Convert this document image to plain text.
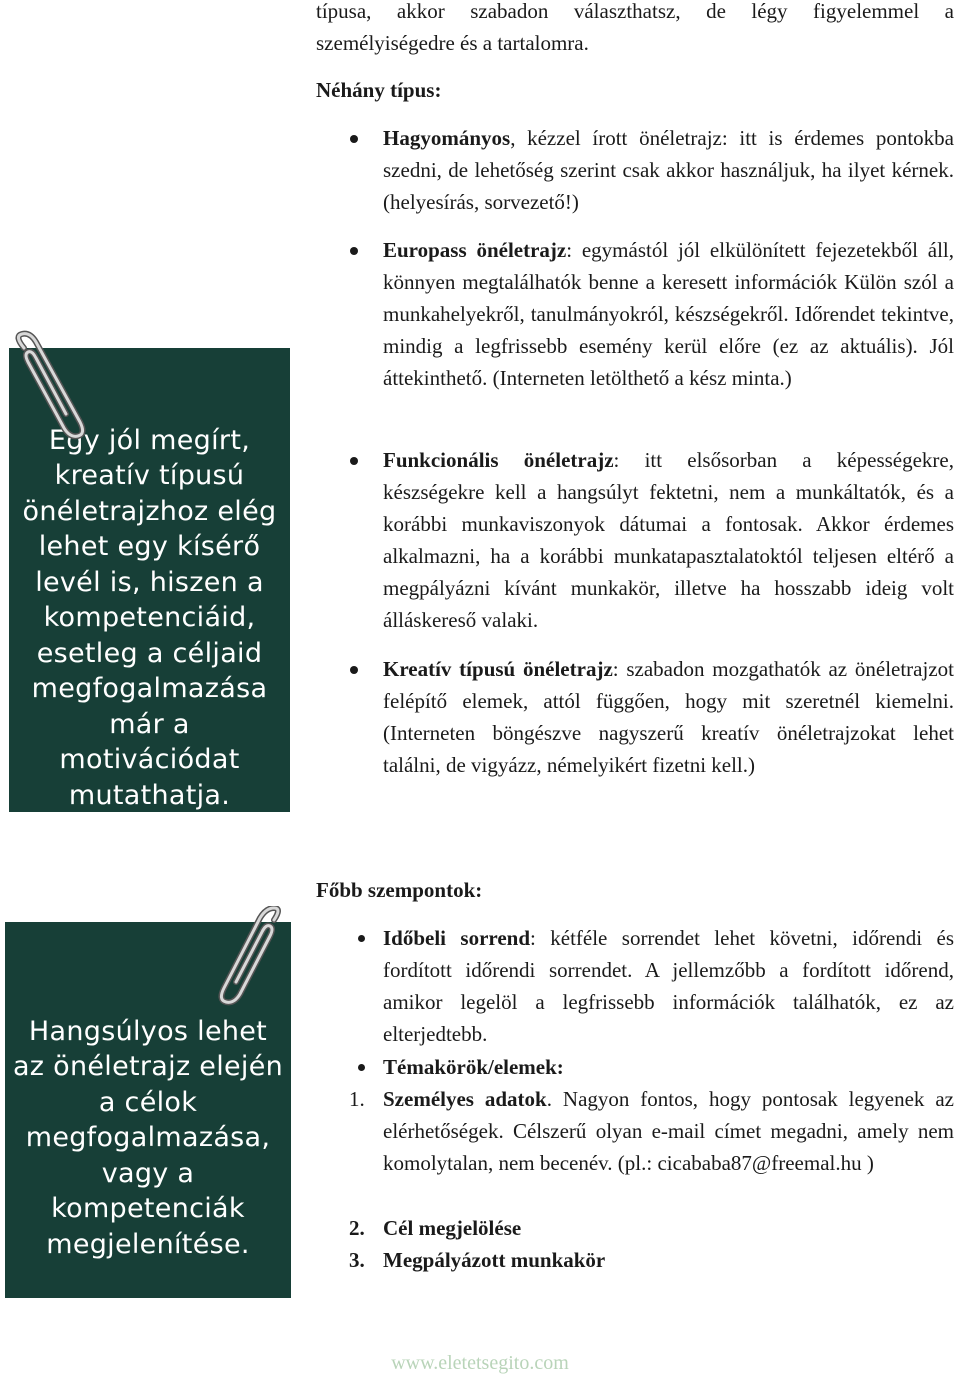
típusa, akkor szabadon választhatsz, de légy figyelemmel a
személyiségedre és a tartalomra.
Néhány típus:
Hagyományos, kézzel írott önéletrajz: itt is érdemes pontokba szedni, de lehetőség szerint csak akkor használjuk, ha ilyet kérnek. (helyesírás, sorvezető!)
Europass önéletrajz: egymástól jól elkülönített fejezetekből áll, könnyen megtalálhatók benne a keresett információk Külön szól a munkahelyekről, tanulmányokról, készségekről. Időrendet tekintve, mindig a legfrissebb esemény kerül előre (ez az aktuális). Jól áttekinthető. (Interneten letölthető a kész minta.)
Funkcionális önéletrajz: itt elsősorban a képességekre, készségekre kell a hangsúlyt fektetni, nem a munkáltatók, és a korábbi munkaviszonyok dátumai a fontosak. Akkor érdemes alkalmazni, ha a korábbi munkatapasztalatoktól teljesen eltérő a megpályázni kívánt munkakör, illetve ha hosszabb ideig volt álláskereső valaki.
Kreatív típusú önéletrajz: szabadon mozgathatók az önéletrajzot felépítő elemek, attól függően, hogy mit szeretnél kiemelni. (Interneten böngészve nagyszerű kreatív önéletrajzokat lehet találni, de vigyázz, némelyikért fizetni kell.)
Egy jól megírt, kreatív típusú önéletrajzhoz elég lehet egy kísérő levél is, hiszen a kompetenciáid, esetleg a céljaid megfogalmazása már a motivációdat mutathatja.
Főbb szempontok:
Időbeli sorrend: kétféle sorrendet lehet követni, időrendi és fordított időrendi sorrendet. A jellemzőbb a fordított időrend, amikor legelöl a legfrissebb információk találhatók, ez az elterjedtebb.
Témakörök/elemek:
1. Személyes adatok. Nagyon fontos, hogy pontosak legyenek az elérhetőségek. Célszerű olyan e-mail címet megadni, amely nem komolytalan, nem becenév. (pl.: cicababa87@freemal.hu )
2. Cél megjelölése
3. Megpályázott munkakör
Hangsúlyos lehet az önéletrajz elején a célok megfogalmazása, vagy a kompetenciák megjelenítése.
www.eletetsegito.com
